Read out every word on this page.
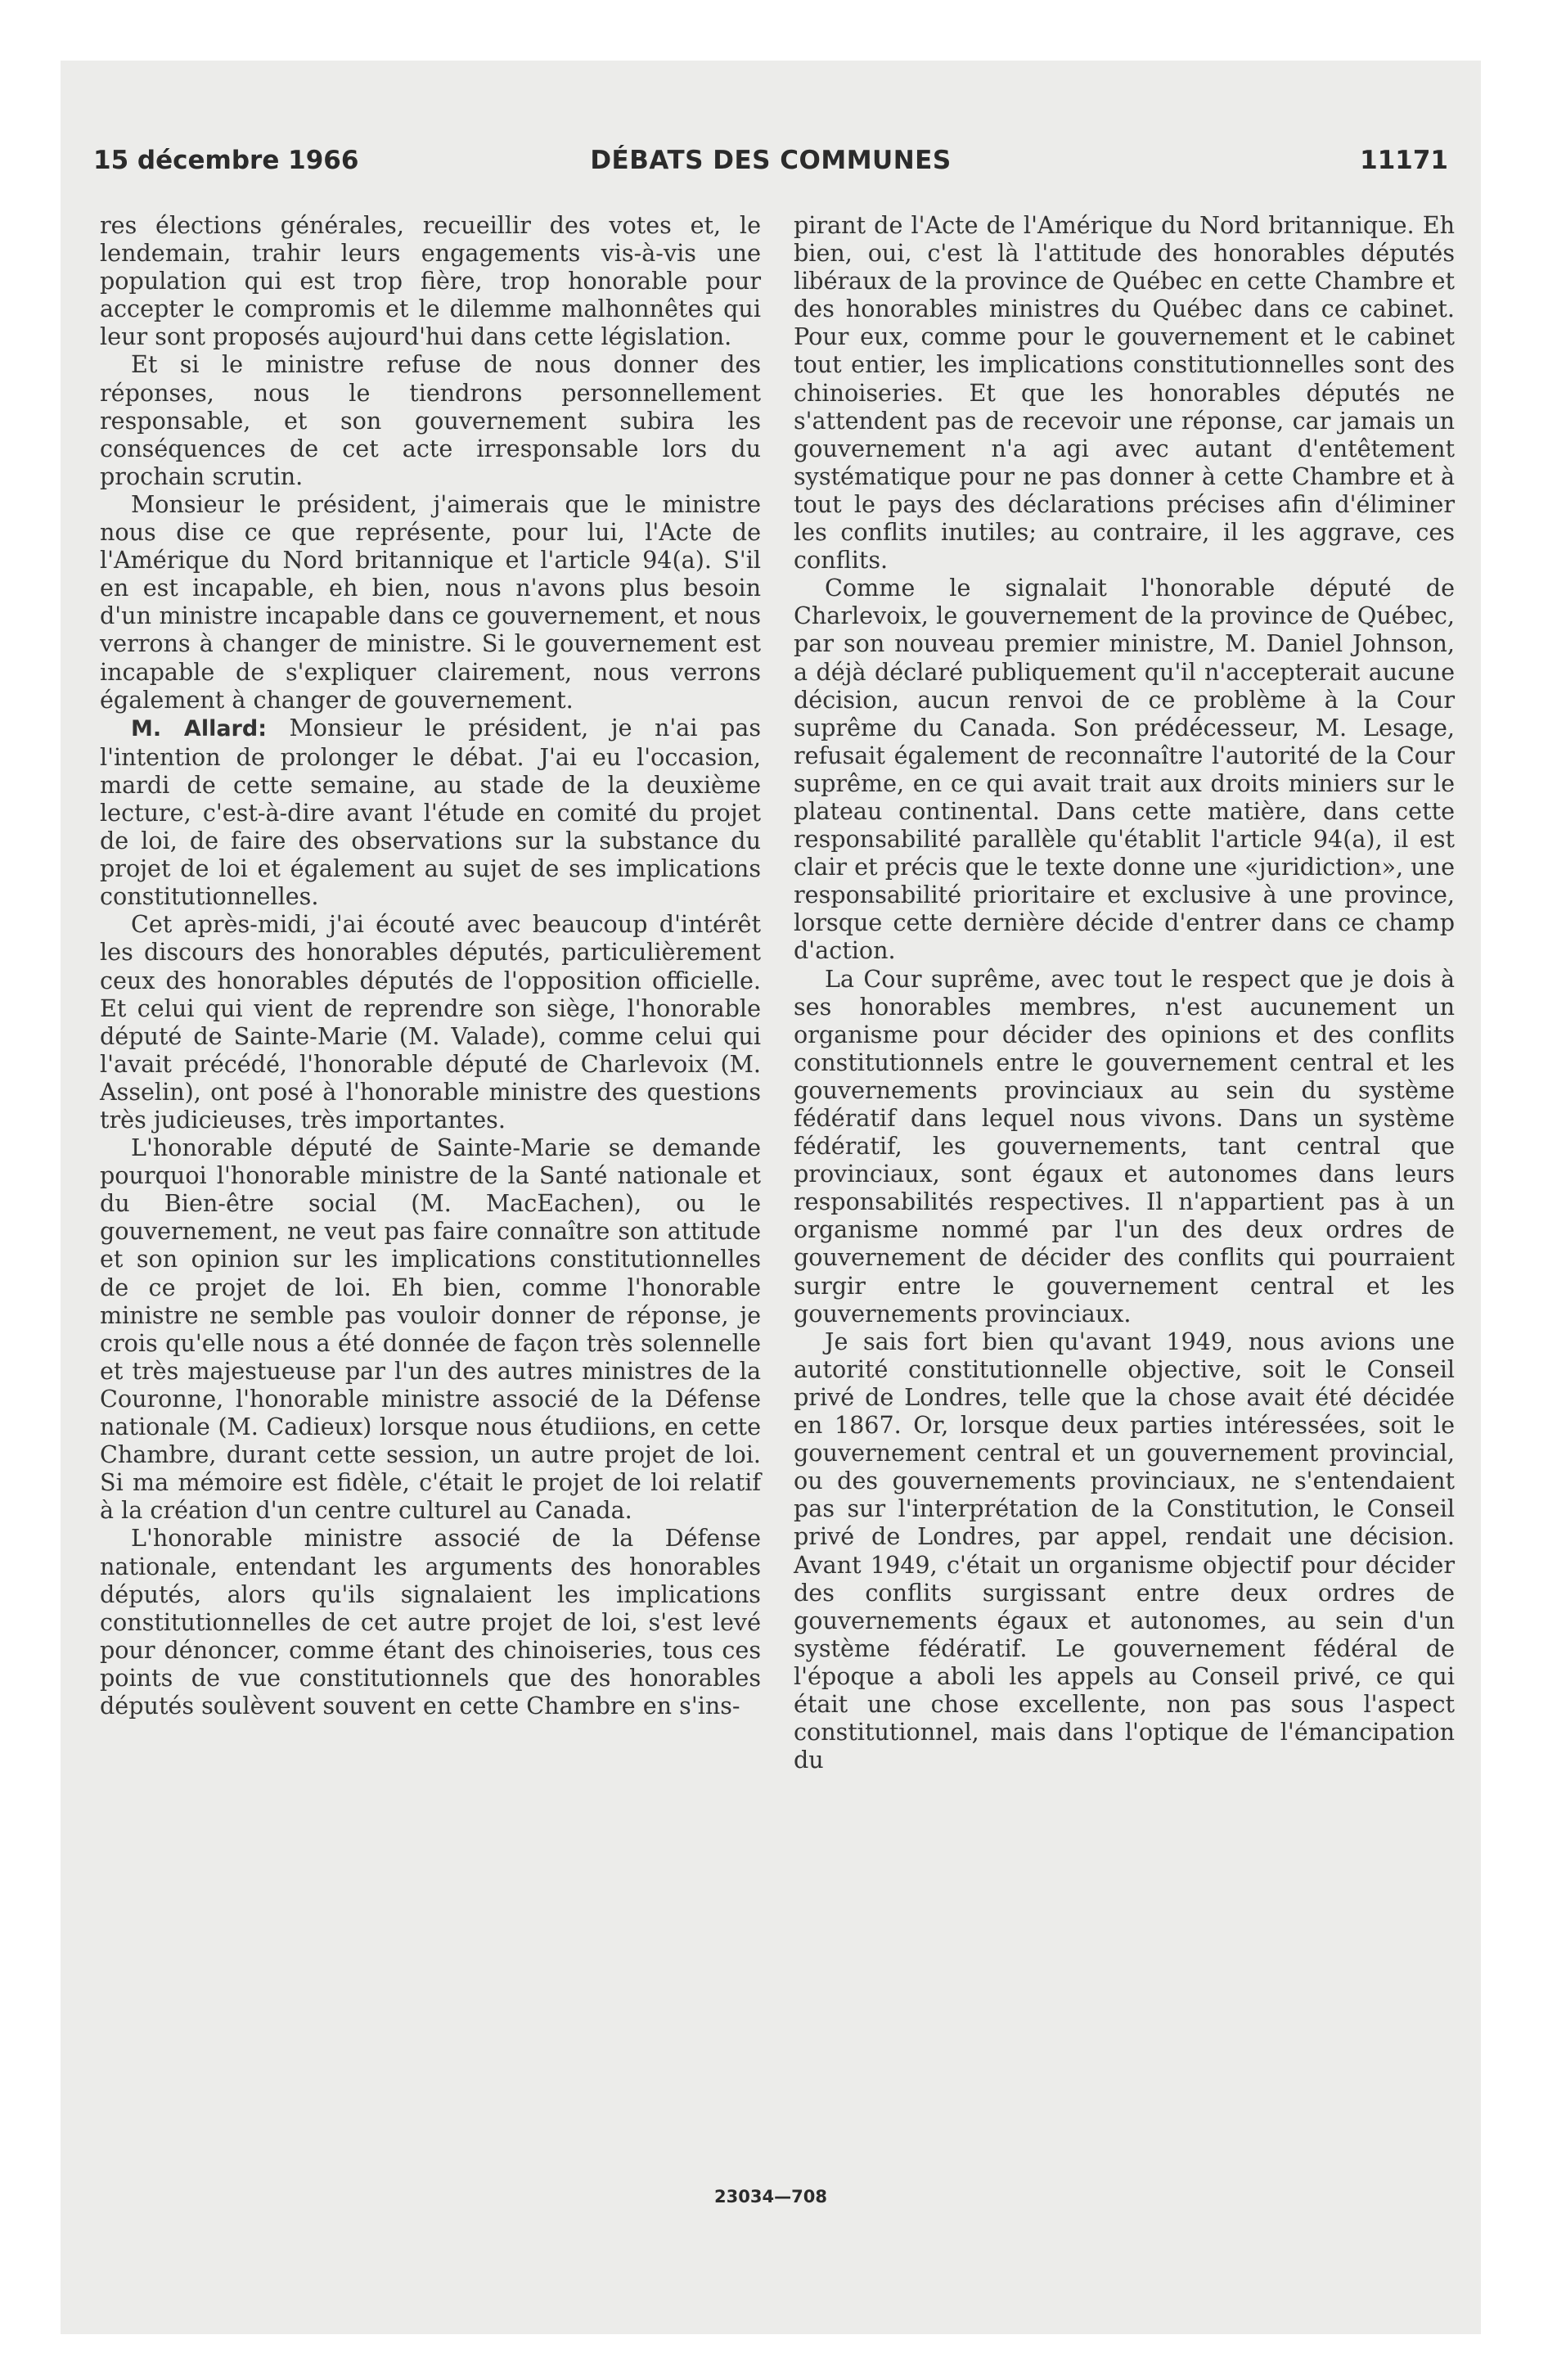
15 décembre 1966	DÉBATS DES COMMUNES	11171

res élections générales, recueillir des votes et, le lendemain, trahir leurs engagements vis-à-vis une population qui est trop fière, trop honorable pour accepter le compromis et le dilemme malhonnêtes qui leur sont proposés aujourd'hui dans cette législation.

Et si le ministre refuse de nous donner des réponses, nous le tiendrons personnellement responsable, et son gouvernement subira les conséquences de cet acte irresponsable lors du prochain scrutin.

Monsieur le président, j'aimerais que le ministre nous dise ce que représente, pour lui, l'Acte de l'Amérique du Nord britannique et l'article 94(a). S'il en est incapable, eh bien, nous n'avons plus besoin d'un ministre incapable dans ce gouvernement, et nous verrons à changer de ministre. Si le gouvernement est incapable de s'expliquer clairement, nous verrons également à changer de gouvernement.

M. Allard: Monsieur le président, je n'ai pas l'intention de prolonger le débat. J'ai eu l'occasion, mardi de cette semaine, au stade de la deuxième lecture, c'est-à-dire avant l'étude en comité du projet de loi, de faire des observations sur la substance du projet de loi et également au sujet de ses implications constitutionnelles.

Cet après-midi, j'ai écouté avec beaucoup d'intérêt les discours des honorables députés, particulièrement ceux des honorables députés de l'opposition officielle. Et celui qui vient de reprendre son siège, l'honorable député de Sainte-Marie (M. Valade), comme celui qui l'avait précédé, l'honorable député de Charlevoix (M. Asselin), ont posé à l'honorable ministre des questions très judicieuses, très importantes.

L'honorable député de Sainte-Marie se demande pourquoi l'honorable ministre de la Santé nationale et du Bien-être social (M. MacEachen), ou le gouvernement, ne veut pas faire connaître son attitude et son opinion sur les implications constitutionnelles de ce projet de loi. Eh bien, comme l'honorable ministre ne semble pas vouloir donner de réponse, je crois qu'elle nous a été donnée de façon très solennelle et très majestueuse par l'un des autres ministres de la Couronne, l'honorable ministre associé de la Défense nationale (M. Cadieux) lorsque nous étudiions, en cette Chambre, durant cette session, un autre projet de loi. Si ma mémoire est fidèle, c'était le projet de loi relatif à la création d'un centre culturel au Canada.

L'honorable ministre associé de la Défense nationale, entendant les arguments des honorables députés, alors qu'ils signalaient les implications constitutionnelles de cet autre projet de loi, s'est levé pour dénoncer, comme étant des chinoiseries, tous ces points de vue constitutionnels que des honorables députés soulèvent souvent en cette Chambre en s'ins-

pirant de l'Acte de l'Amérique du Nord britannique. Eh bien, oui, c'est là l'attitude des honorables députés libéraux de la province de Québec en cette Chambre et des honorables ministres du Québec dans ce cabinet. Pour eux, comme pour le gouvernement et le cabinet tout entier, les implications constitutionnelles sont des chinoiseries. Et que les honorables députés ne s'attendent pas de recevoir une réponse, car jamais un gouvernement n'a agi avec autant d'entêtement systématique pour ne pas donner à cette Chambre et à tout le pays des déclarations précises afin d'éliminer les conflits inutiles; au contraire, il les aggrave, ces conflits.

Comme le signalait l'honorable député de Charlevoix, le gouvernement de la province de Québec, par son nouveau premier ministre, M. Daniel Johnson, a déjà déclaré publiquement qu'il n'accepterait aucune décision, aucun renvoi de ce problème à la Cour suprême du Canada. Son prédécesseur, M. Lesage, refusait également de reconnaître l'autorité de la Cour suprême, en ce qui avait trait aux droits miniers sur le plateau continental. Dans cette matière, dans cette responsabilité parallèle qu'établit l'article 94(a), il est clair et précis que le texte donne une «juridiction», une responsabilité prioritaire et exclusive à une province, lorsque cette dernière décide d'entrer dans ce champ d'action.

La Cour suprême, avec tout le respect que je dois à ses honorables membres, n'est aucunement un organisme pour décider des opinions et des conflits constitutionnels entre le gouvernement central et les gouvernements provinciaux au sein du système fédératif dans lequel nous vivons. Dans un système fédératif, les gouvernements, tant central que provinciaux, sont égaux et autonomes dans leurs responsabilités respectives. Il n'appartient pas à un organisme nommé par l'un des deux ordres de gouvernement de décider des conflits qui pourraient surgir entre le gouvernement central et les gouvernements provinciaux.

Je sais fort bien qu'avant 1949, nous avions une autorité constitutionnelle objective, soit le Conseil privé de Londres, telle que la chose avait été décidée en 1867. Or, lorsque deux parties intéressées, soit le gouvernement central et un gouvernement provincial, ou des gouvernements provinciaux, ne s'entendaient pas sur l'interprétation de la Constitution, le Conseil privé de Londres, par appel, rendait une décision. Avant 1949, c'était un organisme objectif pour décider des conflits surgissant entre deux ordres de gouvernements égaux et autonomes, au sein d'un système fédératif. Le gouvernement fédéral de l'époque a aboli les appels au Conseil privé, ce qui était une chose excellente, non pas sous l'aspect constitutionnel, mais dans l'optique de l'émancipation du

23034—708
